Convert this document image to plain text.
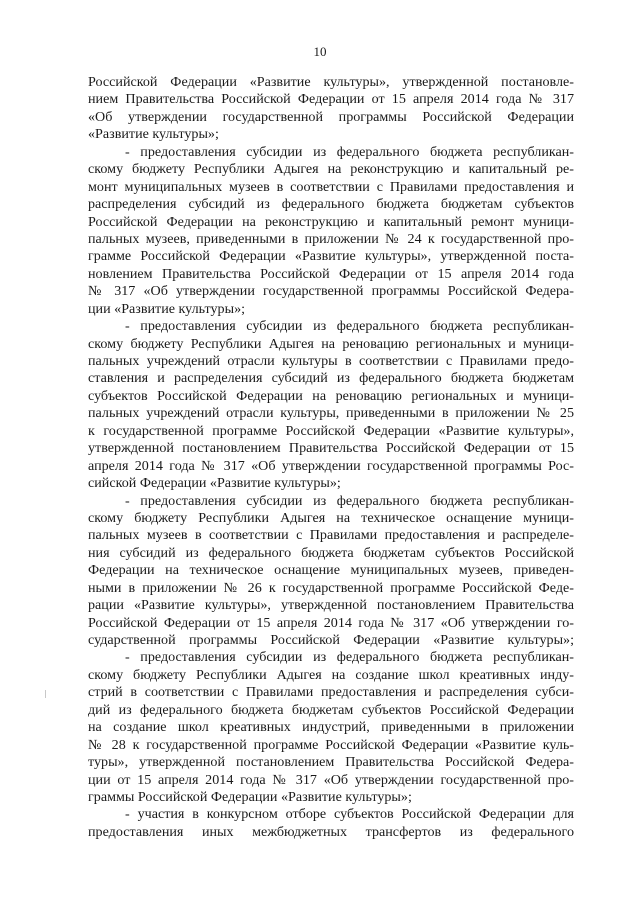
10
Российской Федерации «Развитие культуры», утвержденной постановле-
нием Правительства Российской Федерации от 15 апреля 2014 года № 317
«Об утверждении государственной программы Российской Федерации
«Развитие культуры»;
- предоставления субсидии из федерального бюджета республикан-
скому бюджету Республики Адыгея на реконструкцию и капитальный ре-
монт муниципальных музеев в соответствии с Правилами предоставления и
распределения субсидий из федерального бюджета бюджетам субъектов
Российской Федерации на реконструкцию и капитальный ремонт муници-
пальных музеев, приведенными в приложении № 24 к государственной про-
грамме Российской Федерации «Развитие культуры», утвержденной поста-
новлением Правительства Российской Федерации от 15 апреля 2014 года
№ 317 «Об утверждении государственной программы Российской Федера-
ции «Развитие культуры»;
- предоставления субсидии из федерального бюджета республикан-
скому бюджету Республики Адыгея на реновацию региональных и муници-
пальных учреждений отрасли культуры в соответствии с Правилами предо-
ставления и распределения субсидий из федерального бюджета бюджетам
субъектов Российской Федерации на реновацию региональных и муници-
пальных учреждений отрасли культуры, приведенными в приложении № 25
к государственной программе Российской Федерации «Развитие культуры»,
утвержденной постановлением Правительства Российской Федерации от 15
апреля 2014 года № 317 «Об утверждении государственной программы Рос-
сийской Федерации «Развитие культуры»;
- предоставления субсидии из федерального бюджета республикан-
скому бюджету Республики Адыгея на техническое оснащение муници-
пальных музеев в соответствии с Правилами предоставления и распределе-
ния субсидий из федерального бюджета бюджетам субъектов Российской
Федерации на техническое оснащение муниципальных музеев, приведен-
ными в приложении № 26 к государственной программе Российской Феде-
рации «Развитие культуры», утвержденной постановлением Правительства
Российской Федерации от 15 апреля 2014 года № 317 «Об утверждении го-
сударственной программы Российской Федерации «Развитие культуры»;
- предоставления субсидии из федерального бюджета республикан-
скому бюджету Республики Адыгея на создание школ креативных инду-
стрий в соответствии с Правилами предоставления и распределения субси-
дий из федерального бюджета бюджетам субъектов Российской Федерации
на создание школ креативных индустрий, приведенными в приложении
№ 28 к государственной программе Российской Федерации «Развитие куль-
туры», утвержденной постановлением Правительства Российской Федера-
ции от 15 апреля 2014 года № 317 «Об утверждении государственной про-
граммы Российской Федерации «Развитие культуры»;
- участия в конкурсном отборе субъектов Российской Федерации для
предоставления иных межбюджетных трансфертов из федерального
